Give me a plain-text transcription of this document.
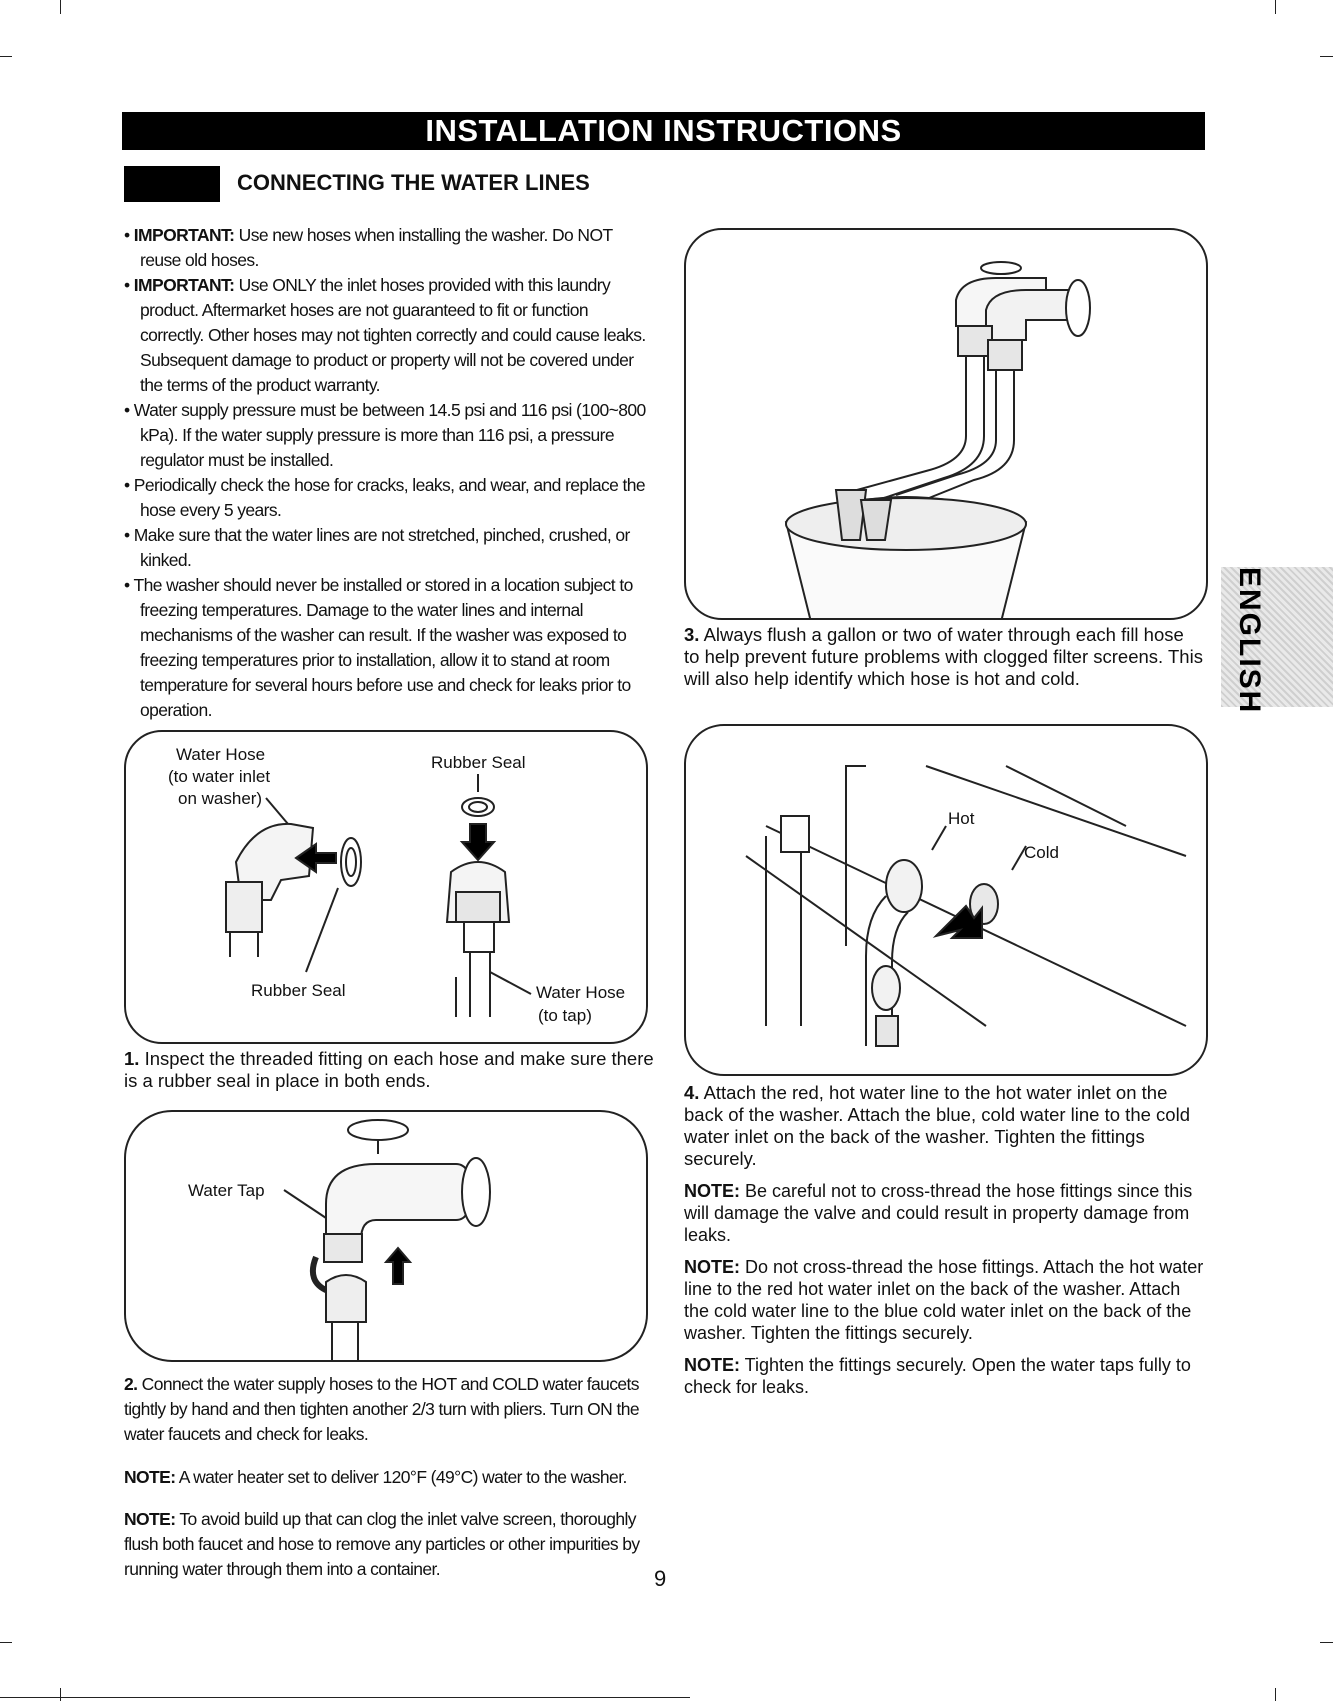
INSTALLATION INSTRUCTIONS
CONNECTING THE WATER LINES
• IMPORTANT: Use new hoses when installing the washer. Do NOT reuse old hoses.
• IMPORTANT: Use ONLY the inlet hoses provided with this laundry product. Aftermarket hoses are not guaranteed to fit or function correctly. Other hoses may not tighten correctly and could cause leaks. Subsequent damage to product or property will not be covered under the terms of the product warranty.
• Water supply pressure must be between 14.5 psi and 116 psi (100~800 kPa). If the water supply pressure is more than 116 psi, a pressure regulator must be installed.
• Periodically check the hose for cracks, leaks, and wear, and replace the hose every 5 years.
• Make sure that the water lines are not stretched, pinched, crushed, or kinked.
• The washer should never be installed or stored in a location subject to freezing temperatures. Damage to the water lines and internal mechanisms of the washer can result. If the washer was exposed to freezing temperatures prior to installation, allow it to stand at room temperature for several hours before use and check for leaks prior to operation.
Water Hose
(to water inlet
on washer)
Rubber Seal
Rubber Seal	Water Hose
(to tap)
1. Inspect the threaded fitting on each hose and make sure there is a rubber seal in place in both ends.
Water Tap
2. Connect the water supply hoses to the HOT and COLD water faucets tightly by hand and then tighten another 2/3 turn with pliers. Turn ON the water faucets and check for leaks.

NOTE: A water heater set to deliver 120°F (49°C) water to the washer.

NOTE: To avoid build up that can clog the inlet valve screen, thoroughly flush both faucet and hose to remove any particles or other impurities by running water through them into a container.

3. Always flush a gallon or two of water through each fill hose to help prevent future problems with clogged filter screens. This will also help identify which hose is hot and cold.
Hot
Cold
4. Attach the red, hot water line to the hot water inlet on the back of the washer. Attach the blue, cold water line to the cold water inlet on the back of the washer. Tighten the fittings securely.

NOTE: Be careful not to cross-thread the hose fittings since this will damage the valve and could result in property damage from leaks.

NOTE: Do not cross-thread the hose fittings. Attach the hot water line to the red hot water inlet on the back of the washer. Attach the cold water line to the blue cold water inlet on the back of the washer. Tighten the fittings securely.

NOTE: Tighten the fittings securely. Open the water taps fully to check for leaks.

ENGLISH
9
